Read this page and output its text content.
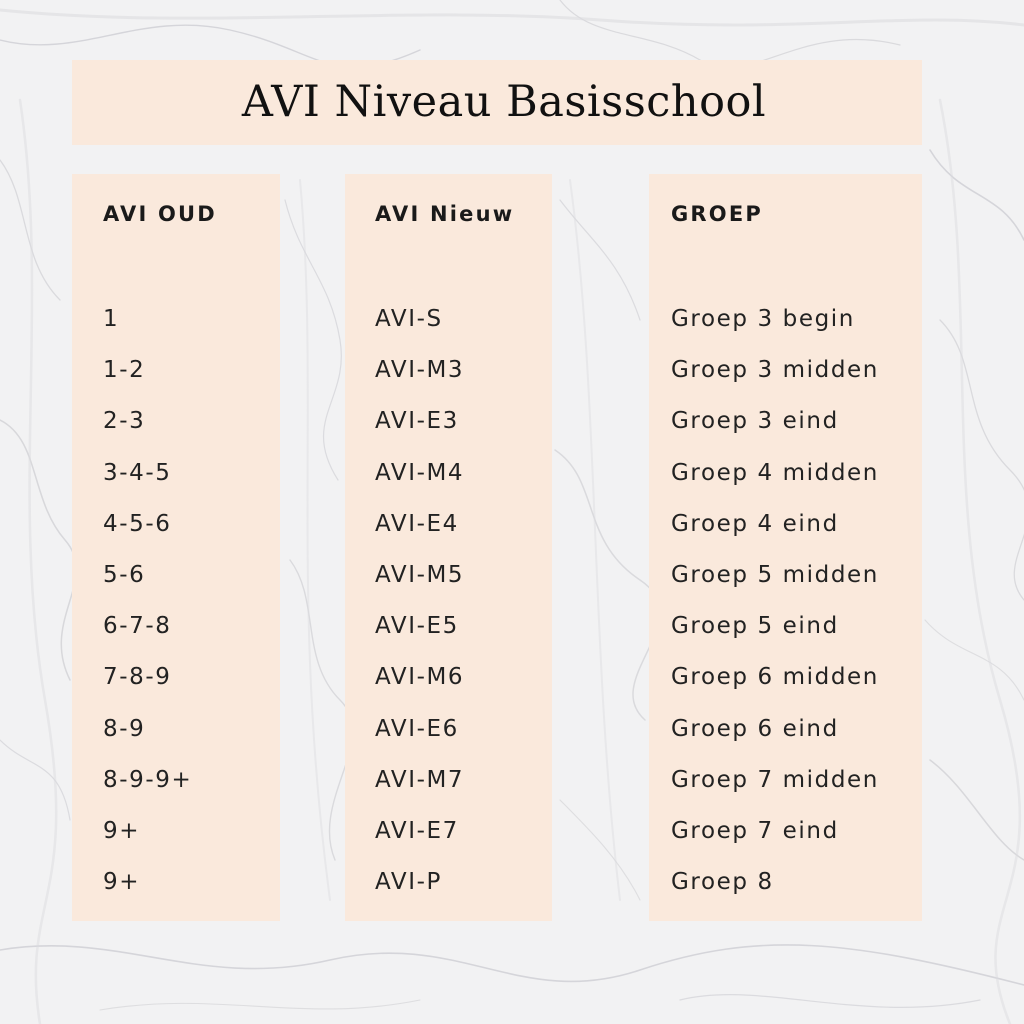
AVI Niveau Basisschool
AVI OUD
1
1-2
2-3
3-4-5
4-5-6
5-6
6-7-8
7-8-9
8-9
8-9-9+
9+
9+
AVI Nieuw
AVI-S
AVI-M3
AVI-E3
AVI-M4
AVI-E4
AVI-M5
AVI-E5
AVI-M6
AVI-E6
AVI-M7
AVI-E7
AVI-P
GROEP
Groep 3 begin
Groep 3 midden
Groep 3 eind
Groep 4 midden
Groep 4 eind
Groep 5 midden
Groep 5 eind
Groep 6 midden
Groep 6 eind
Groep 7 midden
Groep 7 eind
Groep 8
